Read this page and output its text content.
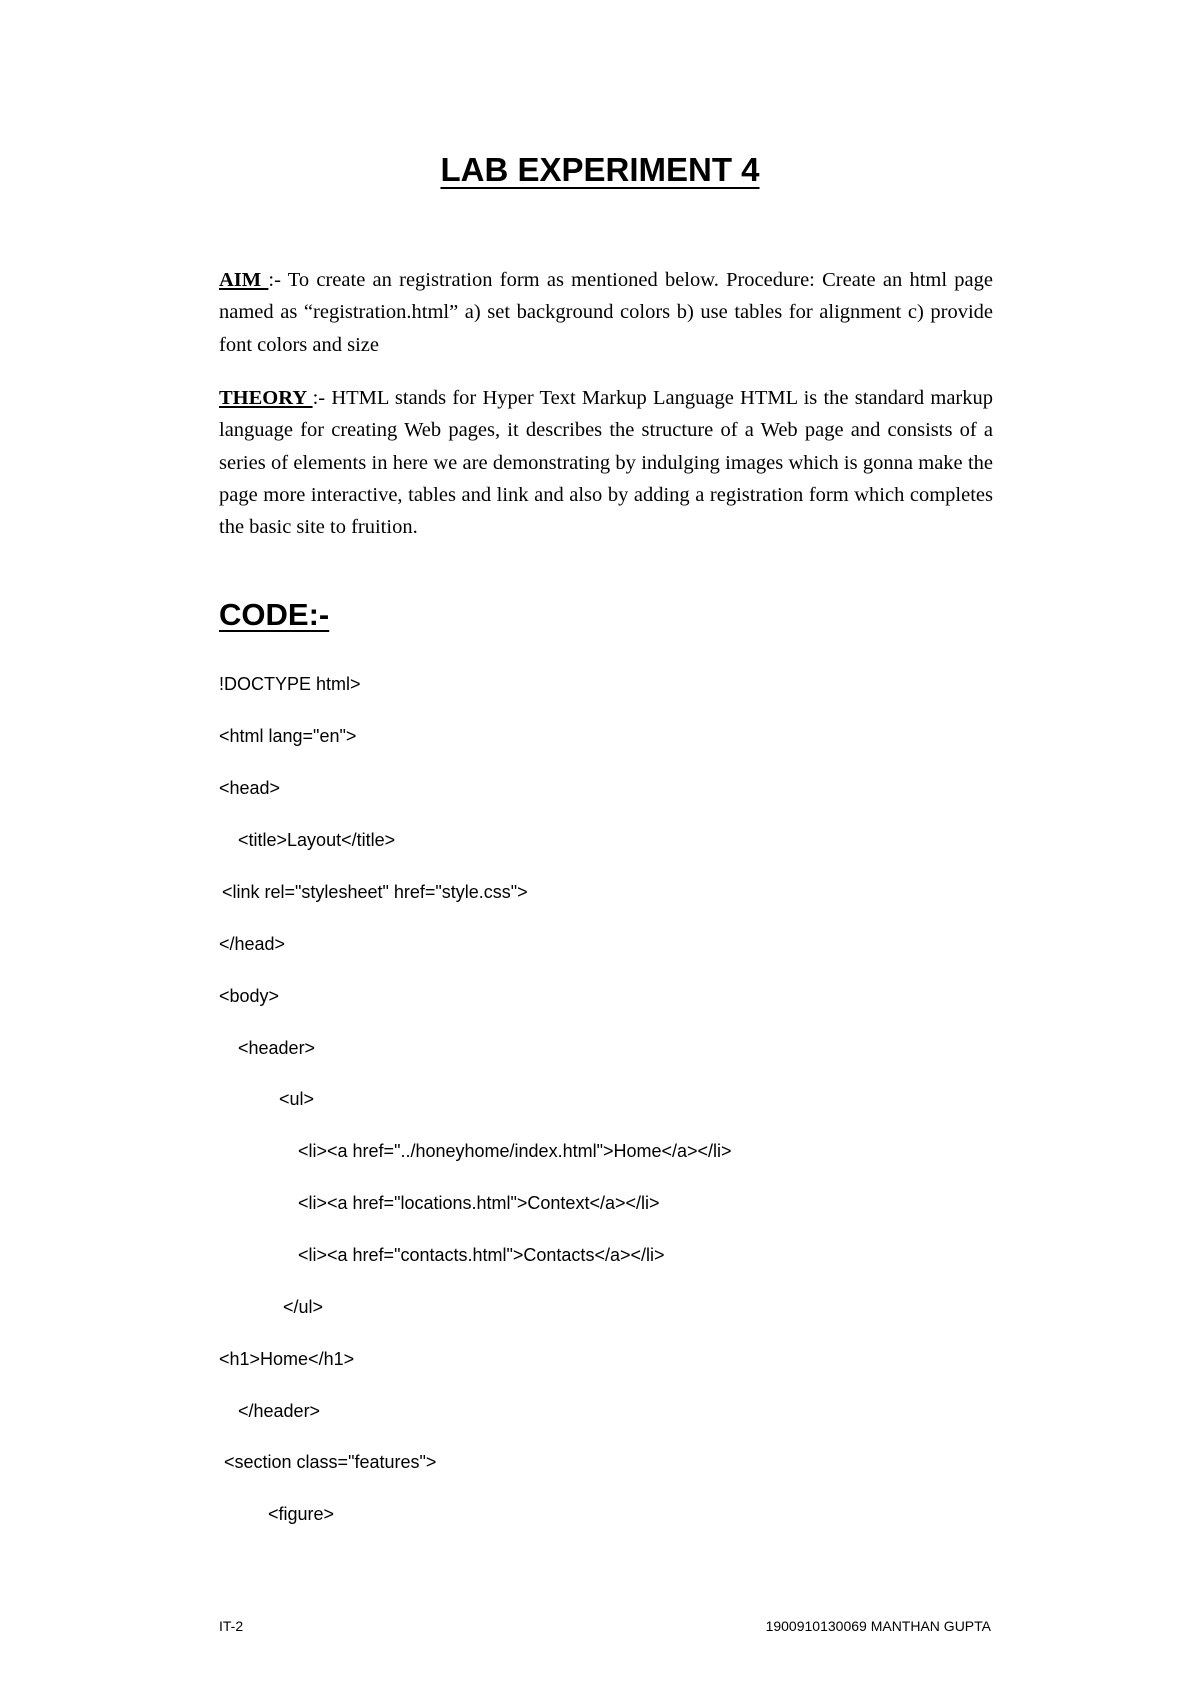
LAB EXPERIMENT 4

AIM :- To create an registration form as mentioned below. Procedure: Create an html page named as “registration.html” a) set background colors b) use tables for alignment c) provide font colors and size

THEORY :- HTML stands for Hyper Text Markup Language HTML is the standard markup language for creating Web pages, it describes the structure of a Web page and consists of a series of elements in here we are demonstrating by indulging images which is gonna make the page more interactive, tables and link and also by adding a registration form which completes the basic site to fruition.

CODE:-
!DOCTYPE html>
<html lang="en">
<head>
<title>Layout</title>
<link rel="stylesheet" href="style.css">
</head>
<body>
<header>
<ul>
<li><a href="../honeyhome/index.html">Home</a></li>
<li><a href="locations.html">Context</a></li>
<li><a href="contacts.html">Contacts</a></li>
</ul>
<h1>Home</h1>
</header>
<section class="features">
<figure>
IT-2	1900910130069 MANTHAN GUPTA
